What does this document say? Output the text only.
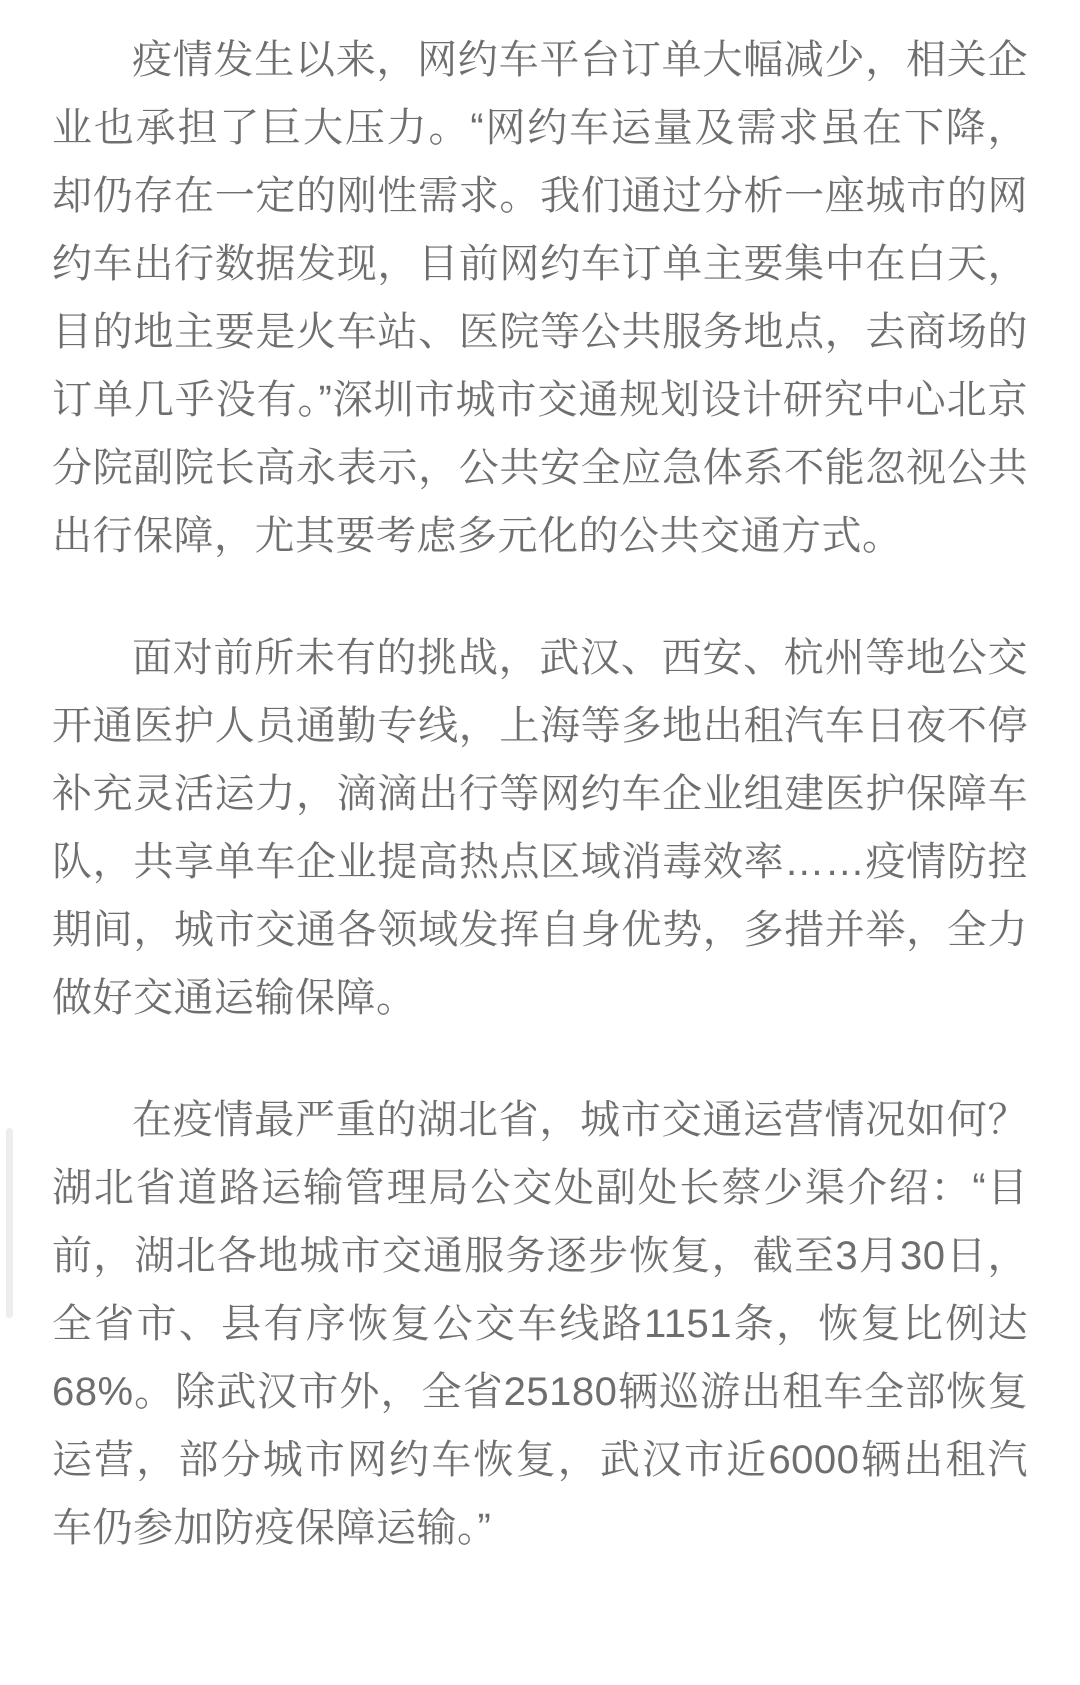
疫情发生以来，网约车平台订单大幅减少，相关企业也承担了巨大压力。“网约车运量及需求虽在下降，却仍存在一定的刚性需求。我们通过分析一座城市的网约车出行数据发现，目前网约车订单主要集中在白天，目的地主要是火车站、医院等公共服务地点，去商场的订单几乎没有。”深圳市城市交通规划设计研究中心北京分院副院长高永表示，公共安全应急体系不能忽视公共出行保障，尤其要考虑多元化的公共交通方式。

面对前所未有的挑战，武汉、西安、杭州等地公交开通医护人员通勤专线，上海等多地出租汽车日夜不停补充灵活运力，滴滴出行等网约车企业组建医护保障车队，共享单车企业提高热点区域消毒效率……疫情防控期间，城市交通各领域发挥自身优势，多措并举，全力做好交通运输保障。

在疫情最严重的湖北省，城市交通运营情况如何？湖北省道路运输管理局公交处副处长蔡少渠介绍：“目前，湖北各地城市交通服务逐步恢复，截至3月30日，全省市、县有序恢复公交车线路1151条，恢复比例达68%。除武汉市外，全省25180辆巡游出租车全部恢复运营，部分城市网约车恢复，武汉市近6000辆出租汽车仍参加防疫保障运输。”
